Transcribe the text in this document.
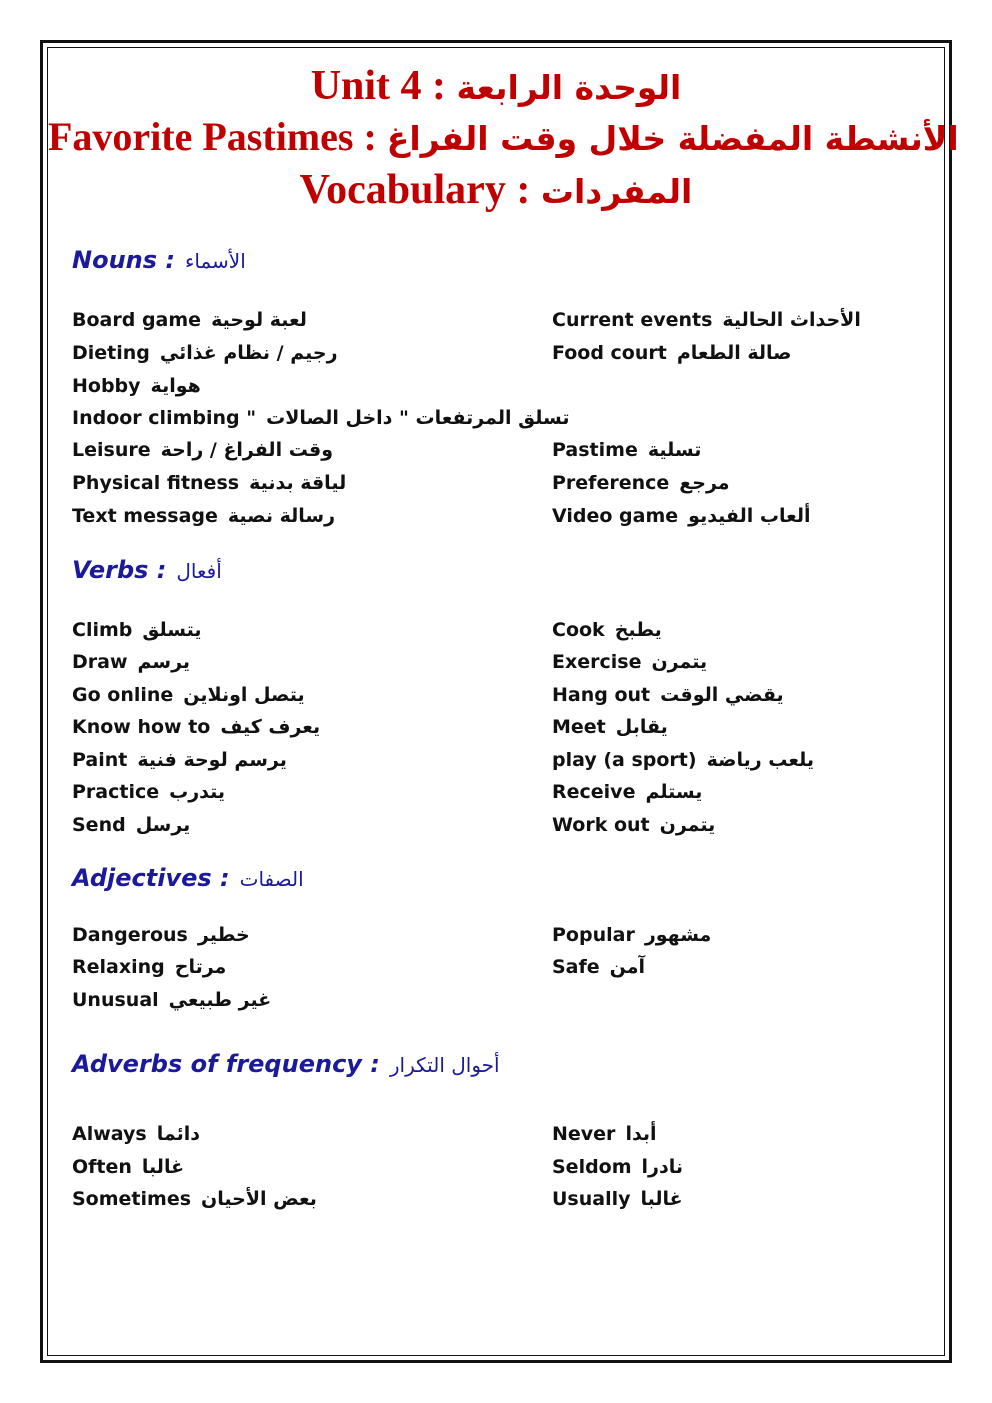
Unit 4 : الوحدة الرابعة
Favorite Pastimes : الأنشطة المفضلة خلال وقت الفراغ
Vocabulary : المفردات
Nouns : الأسماء
Board game لعبة لوحية
Dieting رجيم / نظام غذائي
Hobby هواية
Indoor climbing " تسلق المرتفعات " داخل الصالات
Leisure وقت الفراغ / راحة
Physical fitness لياقة بدنية
Text message رسالة نصية
Current events الأحداث الحالية
Food court صالة الطعام
Pastime تسلية
Preference مرجع
Video game ألعاب الفيديو
Verbs : أفعال
Climb يتسلق
Draw يرسم
Go online يتصل اونلاين
Know how to يعرف كيف
Paint يرسم لوحة فنية
Practice يتدرب
Send يرسل
Cook يطبخ
Exercise يتمرن
Hang out يقضي الوقت
Meet يقابل
play (a sport) يلعب رياضة
Receive يستلم
Work out يتمرن
Adjectives : الصفات
Dangerous خطير
Relaxing مرتاح
Unusual غير طبيعي
Popular مشهور
Safe آمن
Adverbs of frequency : أحوال التكرار
Always دائما
Often غالبا
Sometimes بعض الأحيان
Never أبدا
Seldom نادرا
Usually غالبا
